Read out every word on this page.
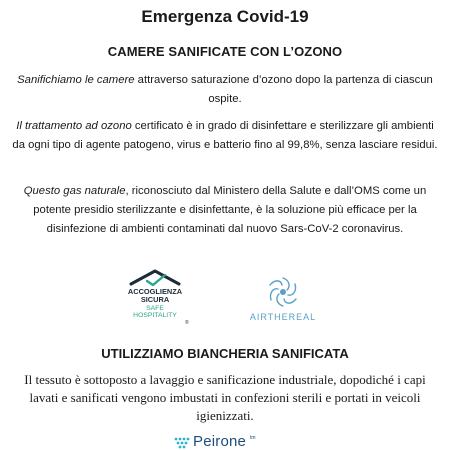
Emergenza Covid-19
CAMERE SANIFICATE CON L’OZONO
Sanifichiamo le camere attraverso saturazione d’ozono dopo la partenza di ciascun ospite.
Il trattamento ad ozono certificato è in grado di disinfettare e sterilizzare gli ambienti da ogni tipo di agente patogeno, virus e batterio fino al 99,8%, senza lasciare residui.
Questo gas naturale, riconosciuto dal Ministero della Salute e dall’OMS come un potente presidio sterilizzante e disinfettante, è la soluzione più efficace per la disinfezione di ambienti contaminati dal nuovo Sars-CoV-2 coronavirus.
ACCOGLIENZA
SICURA
SAFE
HOSPITALITY
®
AIRTHEREAL
UTILIZZIAMO BIANCHERIA SANIFICATA
Il tessuto è sottoposto a lavaggio e sanificazione industriale, dopodiché i capi lavati e sanificati vengono imbustati in confezioni sterili e portati in veicoli igienizzati.
Peirone tm
